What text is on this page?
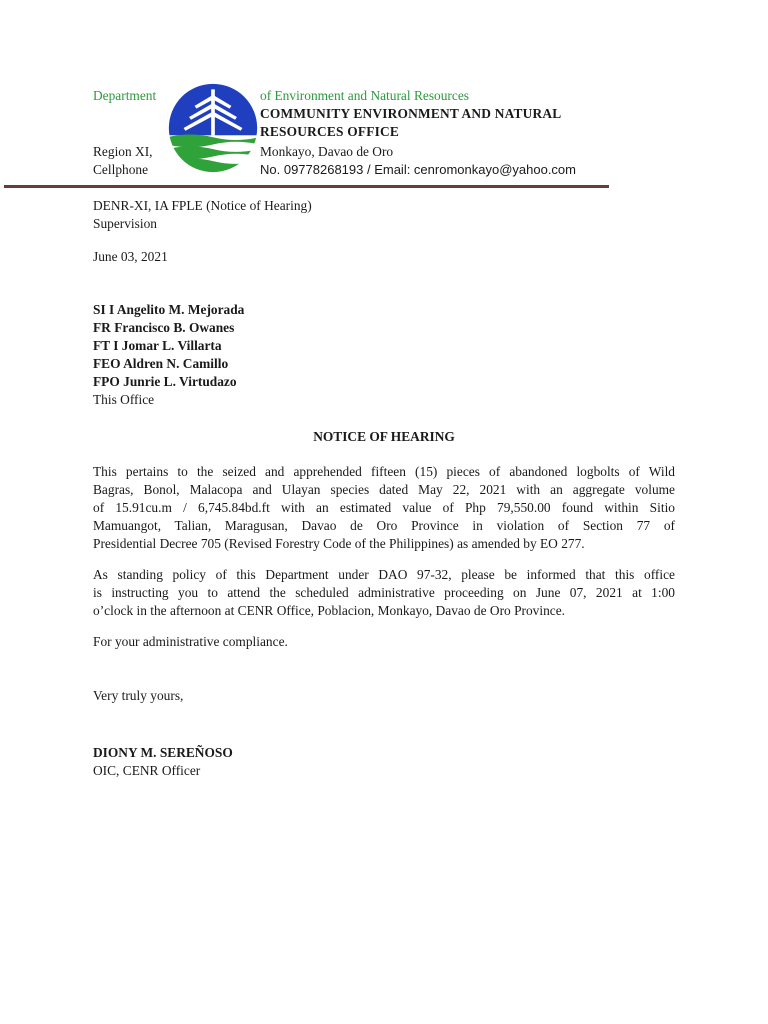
Department	of Environment and Natural Resources
COMMUNITY ENVIRONMENT AND NATURAL
RESOURCES OFFICE
Region XI,	Monkayo, Davao de Oro
Cellphone	No. 09778268193 / Email: cenromonkayo@yahoo.com
DENR-XI, IA FPLE (Notice of Hearing)
Supervision
June 03, 2021
SI I Angelito M. Mejorada
FR Francisco B. Owanes
FT I Jomar L. Villarta
FEO Aldren N. Camillo
FPO Junrie L. Virtudazo
This Office
NOTICE OF HEARING
This pertains to the seized and apprehended fifteen (15) pieces of abandoned logbolts of Wild
Bagras, Bonol, Malacopa and Ulayan species dated May 22, 2021 with an aggregate volume
of 15.91cu.m / 6,745.84bd.ft with an estimated value of Php 79,550.00 found within Sitio
Mamuangot, Talian, Maragusan, Davao de Oro Province in violation of Section 77 of
Presidential Decree 705 (Revised Forestry Code of the Philippines) as amended by EO 277.
As standing policy of this Department under DAO 97-32, please be informed that this office
is instructing you to attend the scheduled administrative proceeding on June 07, 2021 at 1:00
o’clock in the afternoon at CENR Office, Poblacion, Monkayo, Davao de Oro Province.
For your administrative compliance.
Very truly yours,
DIONY M. SEREÑOSO
OIC, CENR Officer
